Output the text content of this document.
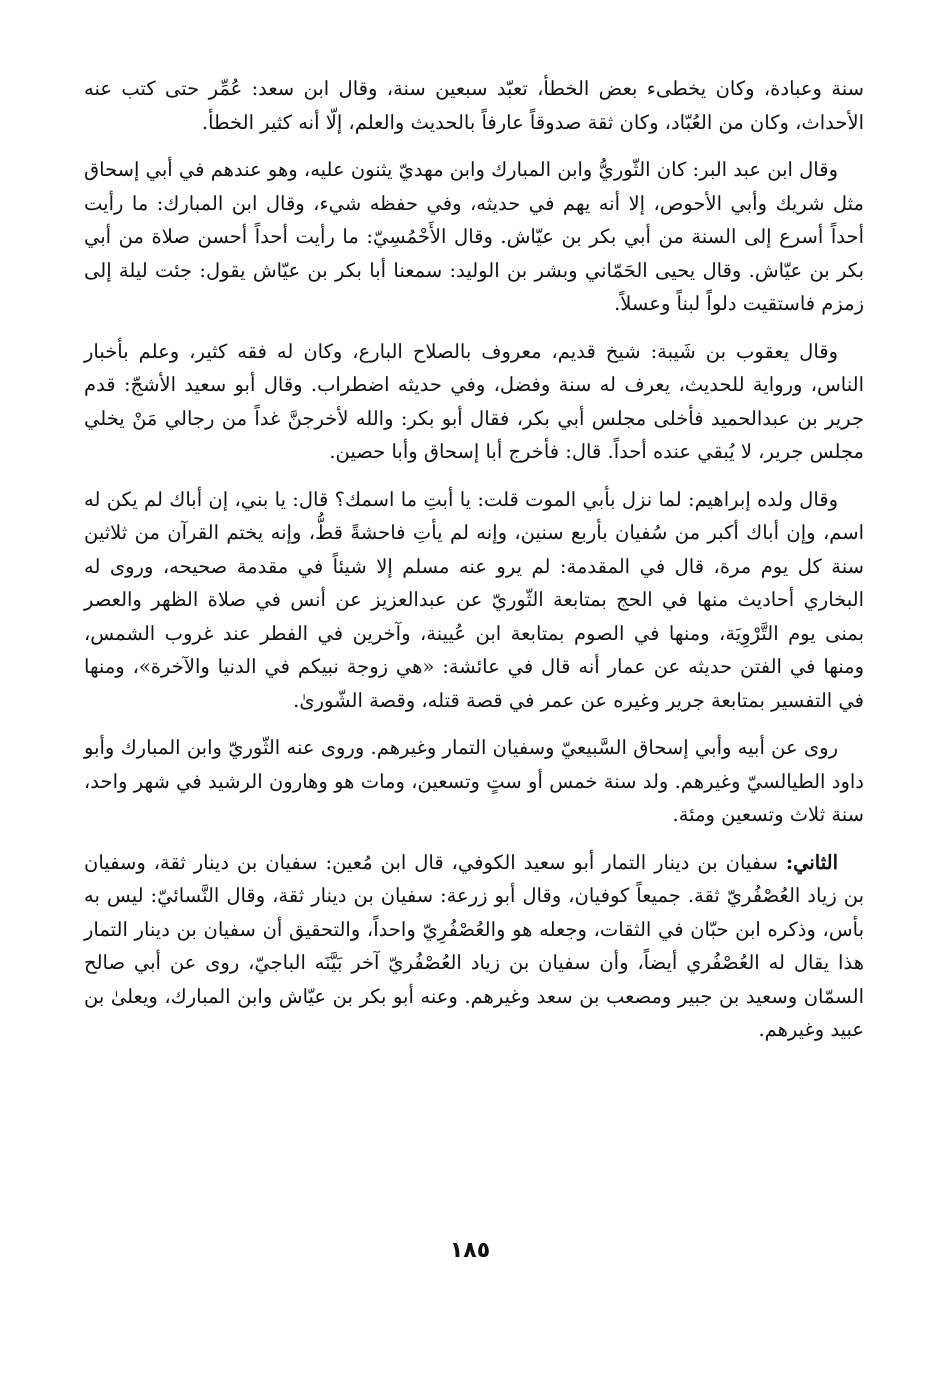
سنة وعبادة، وكان يخطىء بعض الخطأ، تعبّد سبعين سنة، وقال ابن سعد: عُمِّر حتى كتب عنه الأحداث، وكان من العُبّاد، وكان ثقة صدوقاً عارفاً بالحديث والعلم، إلّا أنه كثير الخطأ.

وقال ابن عبد البر: كان الثّوريُّ وابن المبارك وابن مهديّ يثنون عليه، وهو عندهم في أبي إسحاق مثل شريك وأبي الأحوص، إلا أنه يهم في حديثه، وفي حفظه شيء، وقال ابن المبارك: ما رأيت أحداً أسرع إلى السنة من أبي بكر بن عيّاش. وقال الأَحْمُسِيّ: ما رأيت أحداً أحسن صلاة من أبي بكر بن عيّاش. وقال يحيى الحَمّاني وبشر بن الوليد: سمعنا أبا بكر بن عيّاش يقول: جئت ليلة إلى زمزم فاستقيت دلواً لبناً وعسلاً.

وقال يعقوب بن شَيبة: شيخ قديم، معروف بالصلاح البارع، وكان له فقه كثير، وعلم بأخبار الناس، ورواية للحديث، يعرف له سنة وفضل، وفي حديثه اضطراب. وقال أبو سعيد الأشجّ: قدم جرير بن عبدالحميد فأخلى مجلس أبي بكر، فقال أبو بكر: والله لأخرجنَّ غداً من رجالي مَنْ يخلي مجلس جرير، لا يُبقي عنده أحداً. قال: فأخرج أبا إسحاق وأبا حصين.

وقال ولده إبراهيم: لما نزل بأبي الموت قلت: يا أبتِ ما اسمك؟ قال: يا بني، إن أباك لم يكن له اسم، وإن أباك أكبر من سُفيان بأربع سنين، وإنه لم يأتِ فاحشةً قطُّ، وإنه يختم القرآن من ثلاثين سنة كل يوم مرة، قال في المقدمة: لم يرو عنه مسلم إلا شيئاً في مقدمة صحيحه، وروى له البخاري أحاديث منها في الحج بمتابعة الثّوريّ عن عبدالعزيز عن أنس في صلاة الظهر والعصر بمنى يوم التَّرْوِيَة، ومنها في الصوم بمتابعة ابن عُيينة، وآخرين في الفطر عند غروب الشمس، ومنها في الفتن حديثه عن عمار أنه قال في عائشة: «هي زوجة نبيكم في الدنيا والآخرة»، ومنها في التفسير بمتابعة جرير وغيره عن عمر في قصة قتله، وقصة الشّورىٰ.

روى عن أبيه وأبي إسحاق السَّبيعيّ وسفيان التمار وغيرهم. وروى عنه الثّوريّ وابن المبارك وأبو داود الطيالسيّ وغيرهم. ولد سنة خمس أو ستٍ وتسعين، ومات هو وهارون الرشيد في شهر واحد، سنة ثلاث وتسعين ومئة.

الثاني: سفيان بن دينار التمار أبو سعيد الكوفي، قال ابن مُعين: سفيان بن دينار ثقة، وسفيان بن زياد العُصْفُريّ ثقة. جميعاً كوفيان، وقال أبو زرعة: سفيان بن دينار ثقة، وقال النَّسائيّ: ليس به بأس، وذكره ابن حبّان في الثقات، وجعله هو والعُصْفُرِيّ واحداً، والتحقيق أن سفيان بن دينار التمار هذا يقال له العُصْفُري أيضاً، وأن سفيان بن زياد العُصْفُريّ آخر بَيَّنَه الباجيّ، روى عن أبي صالح السمّان وسعيد بن جبير ومصعب بن سعد وغيرهم. وعنه أبو بكر بن عيّاش وابن المبارك، ويعلىٰ بن عبيد وغيرهم.

١٨٥
